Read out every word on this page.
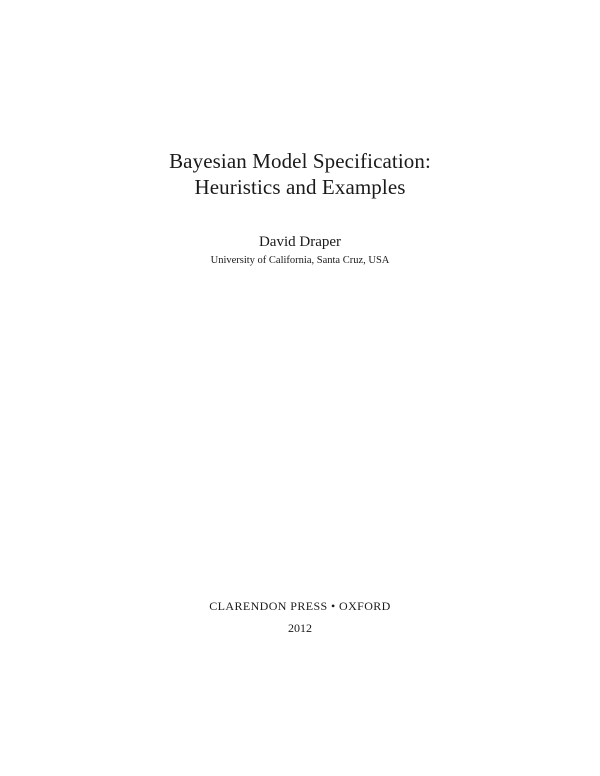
Bayesian Model Specification:
Heuristics and Examples
David Draper
University of California, Santa Cruz, USA
CLARENDON PRESS • OXFORD
2012
